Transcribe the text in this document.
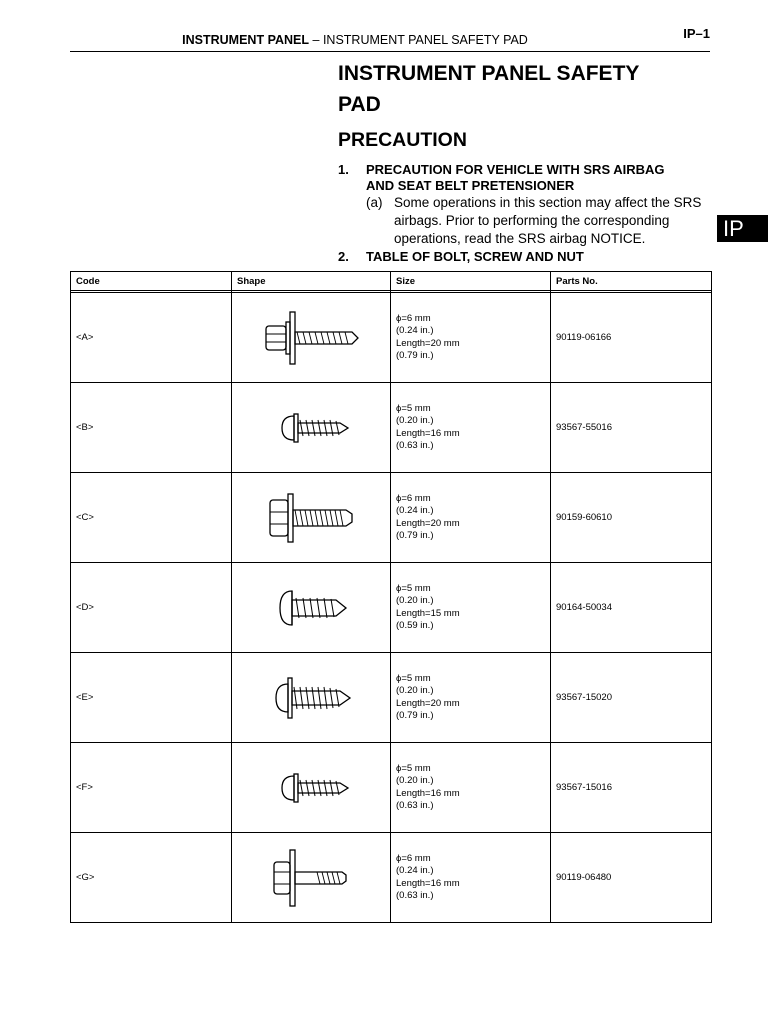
INSTRUMENT PANEL – INSTRUMENT PANEL SAFETY PAD	IP–1
INSTRUMENT PANEL SAFETY
PAD
PRECAUTION
1. PRECAUTION FOR VEHICLE WITH SRS AIRBAG
AND SEAT BELT PRETENSIONER
(a) Some operations in this section may affect the SRS
airbags. Prior to performing the corresponding
operations, read the SRS airbag NOTICE.
2. TABLE OF BOLT, SCREW AND NUT
IP
Code	Shape	Size	Parts No.

<A>		ϕ=6 mm
(0.24 in.)
Length=20 mm
(0.79 in.)	90119-06166
<B>		ϕ=5 mm
(0.20 in.)
Length=16 mm
(0.63 in.)	93567-55016
<C>		ϕ=6 mm
(0.24 in.)
Length=20 mm
(0.79 in.)	90159-60610
<D>		ϕ=5 mm
(0.20 in.)
Length=15 mm
(0.59 in.)	90164-50034
<E>		ϕ=5 mm
(0.20 in.)
Length=20 mm
(0.79 in.)	93567-15020
<F>		ϕ=5 mm
(0.20 in.)
Length=16 mm
(0.63 in.)	93567-15016
<G>		ϕ=6 mm
(0.24 in.)
Length=16 mm
(0.63 in.)	90119-06480
